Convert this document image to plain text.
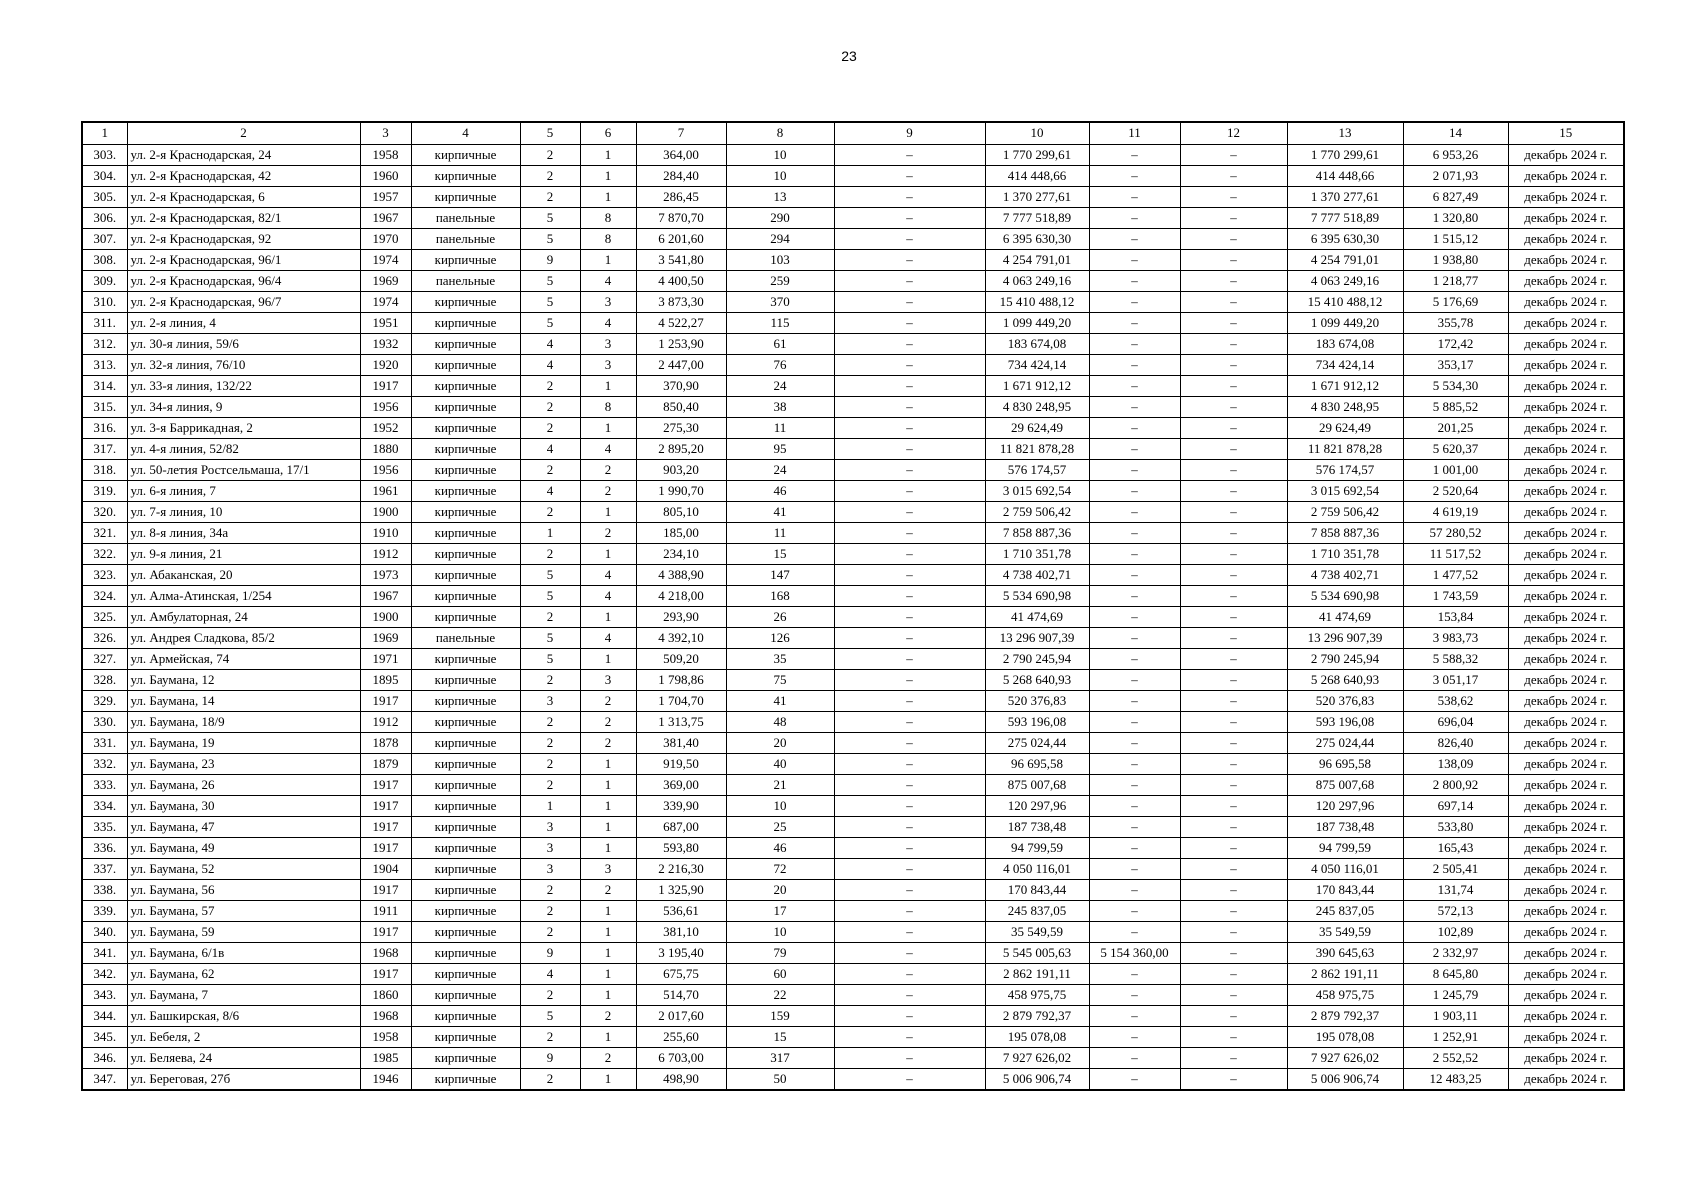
23
1	2	3	4	5	6	7	8	9	10	11	12	13	14	15
303.	ул. 2-я Краснодарская, 24	1958	кирпичные	2	1	364,00	10	–	1 770 299,61	–	–	1 770 299,61	6 953,26	декабрь 2024 г.
304.	ул. 2-я Краснодарская, 42	1960	кирпичные	2	1	284,40	10	–	414 448,66	–	–	414 448,66	2 071,93	декабрь 2024 г.
305.	ул. 2-я Краснодарская, 6	1957	кирпичные	2	1	286,45	13	–	1 370 277,61	–	–	1 370 277,61	6 827,49	декабрь 2024 г.
306.	ул. 2-я Краснодарская, 82/1	1967	панельные	5	8	7 870,70	290	–	7 777 518,89	–	–	7 777 518,89	1 320,80	декабрь 2024 г.
307.	ул. 2-я Краснодарская, 92	1970	панельные	5	8	6 201,60	294	–	6 395 630,30	–	–	6 395 630,30	1 515,12	декабрь 2024 г.
308.	ул. 2-я Краснодарская, 96/1	1974	кирпичные	9	1	3 541,80	103	–	4 254 791,01	–	–	4 254 791,01	1 938,80	декабрь 2024 г.
309.	ул. 2-я Краснодарская, 96/4	1969	панельные	5	4	4 400,50	259	–	4 063 249,16	–	–	4 063 249,16	1 218,77	декабрь 2024 г.
310.	ул. 2-я Краснодарская, 96/7	1974	кирпичные	5	3	3 873,30	370	–	15 410 488,12	–	–	15 410 488,12	5 176,69	декабрь 2024 г.
311.	ул. 2-я линия, 4	1951	кирпичные	5	4	4 522,27	115	–	1 099 449,20	–	–	1 099 449,20	355,78	декабрь 2024 г.
312.	ул. 30-я линия, 59/6	1932	кирпичные	4	3	1 253,90	61	–	183 674,08	–	–	183 674,08	172,42	декабрь 2024 г.
313.	ул. 32-я линия, 76/10	1920	кирпичные	4	3	2 447,00	76	–	734 424,14	–	–	734 424,14	353,17	декабрь 2024 г.
314.	ул. 33-я линия, 132/22	1917	кирпичные	2	1	370,90	24	–	1 671 912,12	–	–	1 671 912,12	5 534,30	декабрь 2024 г.
315.	ул. 34-я линия, 9	1956	кирпичные	2	8	850,40	38	–	4 830 248,95	–	–	4 830 248,95	5 885,52	декабрь 2024 г.
316.	ул. 3-я Баррикадная, 2	1952	кирпичные	2	1	275,30	11	–	29 624,49	–	–	29 624,49	201,25	декабрь 2024 г.
317.	ул. 4-я линия, 52/82	1880	кирпичные	4	4	2 895,20	95	–	11 821 878,28	–	–	11 821 878,28	5 620,37	декабрь 2024 г.
318.	ул. 50-летия Ростсельмаша, 17/1	1956	кирпичные	2	2	903,20	24	–	576 174,57	–	–	576 174,57	1 001,00	декабрь 2024 г.
319.	ул. 6-я линия, 7	1961	кирпичные	4	2	1 990,70	46	–	3 015 692,54	–	–	3 015 692,54	2 520,64	декабрь 2024 г.
320.	ул. 7-я линия, 10	1900	кирпичные	2	1	805,10	41	–	2 759 506,42	–	–	2 759 506,42	4 619,19	декабрь 2024 г.
321.	ул. 8-я линия, 34а	1910	кирпичные	1	2	185,00	11	–	7 858 887,36	–	–	7 858 887,36	57 280,52	декабрь 2024 г.
322.	ул. 9-я линия, 21	1912	кирпичные	2	1	234,10	15	–	1 710 351,78	–	–	1 710 351,78	11 517,52	декабрь 2024 г.
323.	ул. Абаканская, 20	1973	кирпичные	5	4	4 388,90	147	–	4 738 402,71	–	–	4 738 402,71	1 477,52	декабрь 2024 г.
324.	ул. Алма-Атинская, 1/254	1967	кирпичные	5	4	4 218,00	168	–	5 534 690,98	–	–	5 534 690,98	1 743,59	декабрь 2024 г.
325.	ул. Амбулаторная, 24	1900	кирпичные	2	1	293,90	26	–	41 474,69	–	–	41 474,69	153,84	декабрь 2024 г.
326.	ул. Андрея Сладкова, 85/2	1969	панельные	5	4	4 392,10	126	–	13 296 907,39	–	–	13 296 907,39	3 983,73	декабрь 2024 г.
327.	ул. Армейская, 74	1971	кирпичные	5	1	509,20	35	–	2 790 245,94	–	–	2 790 245,94	5 588,32	декабрь 2024 г.
328.	ул. Баумана, 12	1895	кирпичные	2	3	1 798,86	75	–	5 268 640,93	–	–	5 268 640,93	3 051,17	декабрь 2024 г.
329.	ул. Баумана, 14	1917	кирпичные	3	2	1 704,70	41	–	520 376,83	–	–	520 376,83	538,62	декабрь 2024 г.
330.	ул. Баумана, 18/9	1912	кирпичные	2	2	1 313,75	48	–	593 196,08	–	–	593 196,08	696,04	декабрь 2024 г.
331.	ул. Баумана, 19	1878	кирпичные	2	2	381,40	20	–	275 024,44	–	–	275 024,44	826,40	декабрь 2024 г.
332.	ул. Баумана, 23	1879	кирпичные	2	1	919,50	40	–	96 695,58	–	–	96 695,58	138,09	декабрь 2024 г.
333.	ул. Баумана, 26	1917	кирпичные	2	1	369,00	21	–	875 007,68	–	–	875 007,68	2 800,92	декабрь 2024 г.
334.	ул. Баумана, 30	1917	кирпичные	1	1	339,90	10	–	120 297,96	–	–	120 297,96	697,14	декабрь 2024 г.
335.	ул. Баумана, 47	1917	кирпичные	3	1	687,00	25	–	187 738,48	–	–	187 738,48	533,80	декабрь 2024 г.
336.	ул. Баумана, 49	1917	кирпичные	3	1	593,80	46	–	94 799,59	–	–	94 799,59	165,43	декабрь 2024 г.
337.	ул. Баумана, 52	1904	кирпичные	3	3	2 216,30	72	–	4 050 116,01	–	–	4 050 116,01	2 505,41	декабрь 2024 г.
338.	ул. Баумана, 56	1917	кирпичные	2	2	1 325,90	20	–	170 843,44	–	–	170 843,44	131,74	декабрь 2024 г.
339.	ул. Баумана, 57	1911	кирпичные	2	1	536,61	17	–	245 837,05	–	–	245 837,05	572,13	декабрь 2024 г.
340.	ул. Баумана, 59	1917	кирпичные	2	1	381,10	10	–	35 549,59	–	–	35 549,59	102,89	декабрь 2024 г.
341.	ул. Баумана, 6/1в	1968	кирпичные	9	1	3 195,40	79	–	5 545 005,63	5 154 360,00	–	390 645,63	2 332,97	декабрь 2024 г.
342.	ул. Баумана, 62	1917	кирпичные	4	1	675,75	60	–	2 862 191,11	–	–	2 862 191,11	8 645,80	декабрь 2024 г.
343.	ул. Баумана, 7	1860	кирпичные	2	1	514,70	22	–	458 975,75	–	–	458 975,75	1 245,79	декабрь 2024 г.
344.	ул. Башкирская, 8/6	1968	кирпичные	5	2	2 017,60	159	–	2 879 792,37	–	–	2 879 792,37	1 903,11	декабрь 2024 г.
345.	ул. Бебеля, 2	1958	кирпичные	2	1	255,60	15	–	195 078,08	–	–	195 078,08	1 252,91	декабрь 2024 г.
346.	ул. Беляева, 24	1985	кирпичные	9	2	6 703,00	317	–	7 927 626,02	–	–	7 927 626,02	2 552,52	декабрь 2024 г.
347.	ул. Береговая, 27б	1946	кирпичные	2	1	498,90	50	–	5 006 906,74	–	–	5 006 906,74	12 483,25	декабрь 2024 г.
